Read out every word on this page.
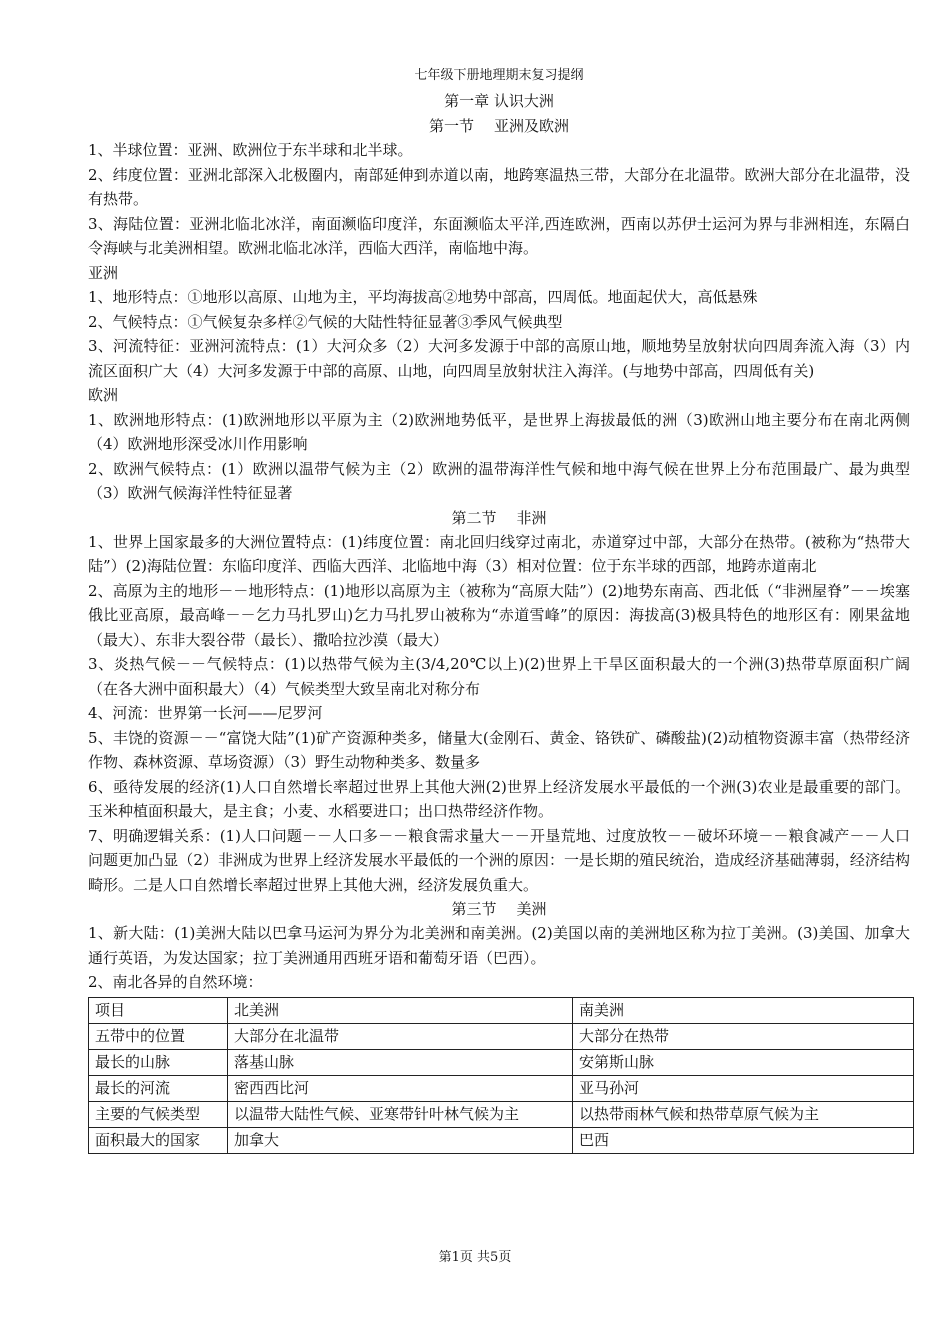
七年级下册地理期末复习提纲
第一章 认识大洲
第一节 亚洲及欧洲

1、半球位置：亚洲、欧洲位于东半球和北半球。

2、纬度位置：亚洲北部深入北极圈内，南部延伸到赤道以南，地跨寒温热三带，大部分在北温带。欧洲大部分在北温带，没有热带。

3、海陆位置：亚洲北临北冰洋，南面濒临印度洋，东面濒临太平洋,西连欧洲，西南以苏伊士运河为界与非洲相连，东隔白令海峡与北美洲相望。欧洲北临北冰洋，西临大西洋，南临地中海。

亚洲

1、地形特点：①地形以高原、山地为主，平均海拔高②地势中部高，四周低。地面起伏大，高低悬殊

2、气候特点：①气候复杂多样②气候的大陆性特征显著③季风气候典型

3、河流特征：亚洲河流特点：(1）大河众多（2）大河多发源于中部的高原山地，顺地势呈放射状向四周奔流入海（3）内流区面积广大（4）大河多发源于中部的高原、山地，向四周呈放射状注入海洋。(与地势中部高，四周低有关)

欧洲

1、欧洲地形特点：(1)欧洲地形以平原为主（2)欧洲地势低平，是世界上海拔最低的洲（3)欧洲山地主要分布在南北两侧（4）欧洲地形深受冰川作用影响

2、欧洲气候特点：(1）欧洲以温带气候为主（2）欧洲的温带海洋性气候和地中海气候在世界上分布范围最广、最为典型（3）欧洲气候海洋性特征显著

第二节 非洲

1、世界上国家最多的大洲位置特点：(1)纬度位置：南北回归线穿过南北，赤道穿过中部，大部分在热带。(被称为“热带大陆”）(2)海陆位置：东临印度洋、西临大西洋、北临地中海（3）相对位置：位于东半球的西部，地跨赤道南北

2、高原为主的地形－－地形特点：(1)地形以高原为主（被称为“高原大陆”）(2)地势东南高、西北低（“非洲屋脊”－－埃塞俄比亚高原，最高峰－－乞力马扎罗山)乞力马扎罗山被称为“赤道雪峰”的原因：海拔高(3)极具特色的地形区有：刚果盆地（最大）、东非大裂谷带（最长）、撒哈拉沙漠（最大）

3、炎热气候－－气候特点：(1)以热带气候为主(3/4,20℃以上)(2)世界上干旱区面积最大的一个洲(3)热带草原面积广阔（在各大洲中面积最大）（4）气候类型大致呈南北对称分布

4、河流：世界第一长河——尼罗河

5、丰饶的资源－－“富饶大陆”(1)矿产资源种类多，储量大(金刚石、黄金、铬铁矿、磷酸盐)(2)动植物资源丰富（热带经济作物、森林资源、草场资源）（3）野生动物种类多、数量多

6、亟待发展的经济(1)人口自然增长率超过世界上其他大洲(2)世界上经济发展水平最低的一个洲(3)农业是最重要的部门。玉米种植面积最大，是主食；小麦、水稻要进口；出口热带经济作物。

7、明确逻辑关系：(1)人口问题－－人口多－－粮食需求量大－－开垦荒地、过度放牧－－破坏环境－－粮食减产－－人口问题更加凸显（2）非洲成为世界上经济发展水平最低的一个洲的原因：一是长期的殖民统治，造成经济基础薄弱，经济结构畸形。二是人口自然增长率超过世界上其他大洲，经济发展负重大。

第三节 美洲

1、新大陆：(1)美洲大陆以巴拿马运河为界分为北美洲和南美洲。(2)美国以南的美洲地区称为拉丁美洲。(3)美国、加拿大通行英语，为发达国家；拉丁美洲通用西班牙语和葡萄牙语（巴西）。

2、南北各异的自然环境：

项目	北美洲	南美洲
五带中的位置	大部分在北温带	大部分在热带
最长的山脉	落基山脉	安第斯山脉
最长的河流	密西西比河	亚马孙河
主要的气候类型	以温带大陆性气候、亚寒带针叶林气候为主	以热带雨林气候和热带草原气候为主
面积最大的国家	加拿大	巴西
第1页 共5页
